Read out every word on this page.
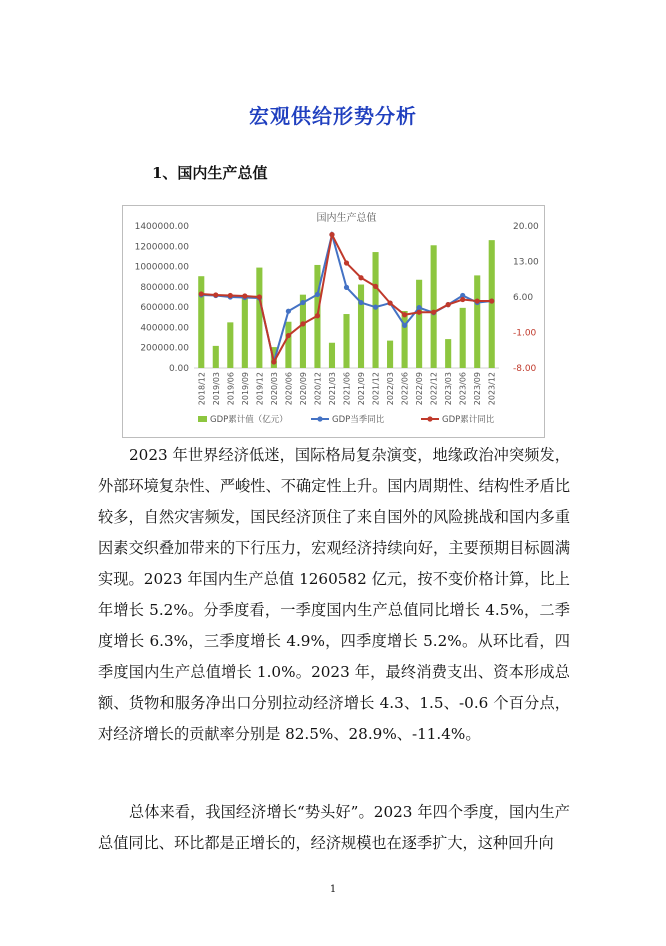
宏观供给形势分析
1、国内生产总值
国内生产总值
1400000.00
1200000.00
1000000.00
800000.00
600000.00
400000.00
200000.00
0.00
20.00
13.00
6.00
-1.00
-8.00
2018/12 2019/03 2019/06 2019/09 2019/12 2020/03 2020/06 2020/09 2020/12 2021/03 2021/06 2021/09 2021/12 2022/03 2022/06 2022/09 2022/12 2023/03 2023/06 2023/09 2023/12
GDP累计值（亿元）	GDP当季同比	GDP累计同比

2023 年世界经济低迷，国际格局复杂演变，地缘政治冲突频发，外部环境复杂性、严峻性、不确定性上升。国内周期性、结构性矛盾比较多，自然灾害频发，国民经济顶住了来自国外的风险挑战和国内多重因素交织叠加带来的下行压力，宏观经济持续向好，主要预期目标圆满实现。2023 年国内生产总值 1260582 亿元，按不变价格计算，比上年增长 5.2%。分季度看，一季度国内生产总值同比增长 4.5%，二季度增长 6.3%，三季度增长 4.9%，四季度增长 5.2%。从环比看，四季度国内生产总值增长 1.0%。2023 年，最终消费支出、资本形成总额、货物和服务净出口分别拉动经济增长 4.3、1.5、-0.6 个百分点，对经济增长的贡献率分别是 82.5%、28.9%、-11.4%。

总体来看，我国经济增长“势头好”。2023 年四个季度，国内生产总值同比、环比都是正增长的，经济规模也在逐季扩大，这种回升向

1
